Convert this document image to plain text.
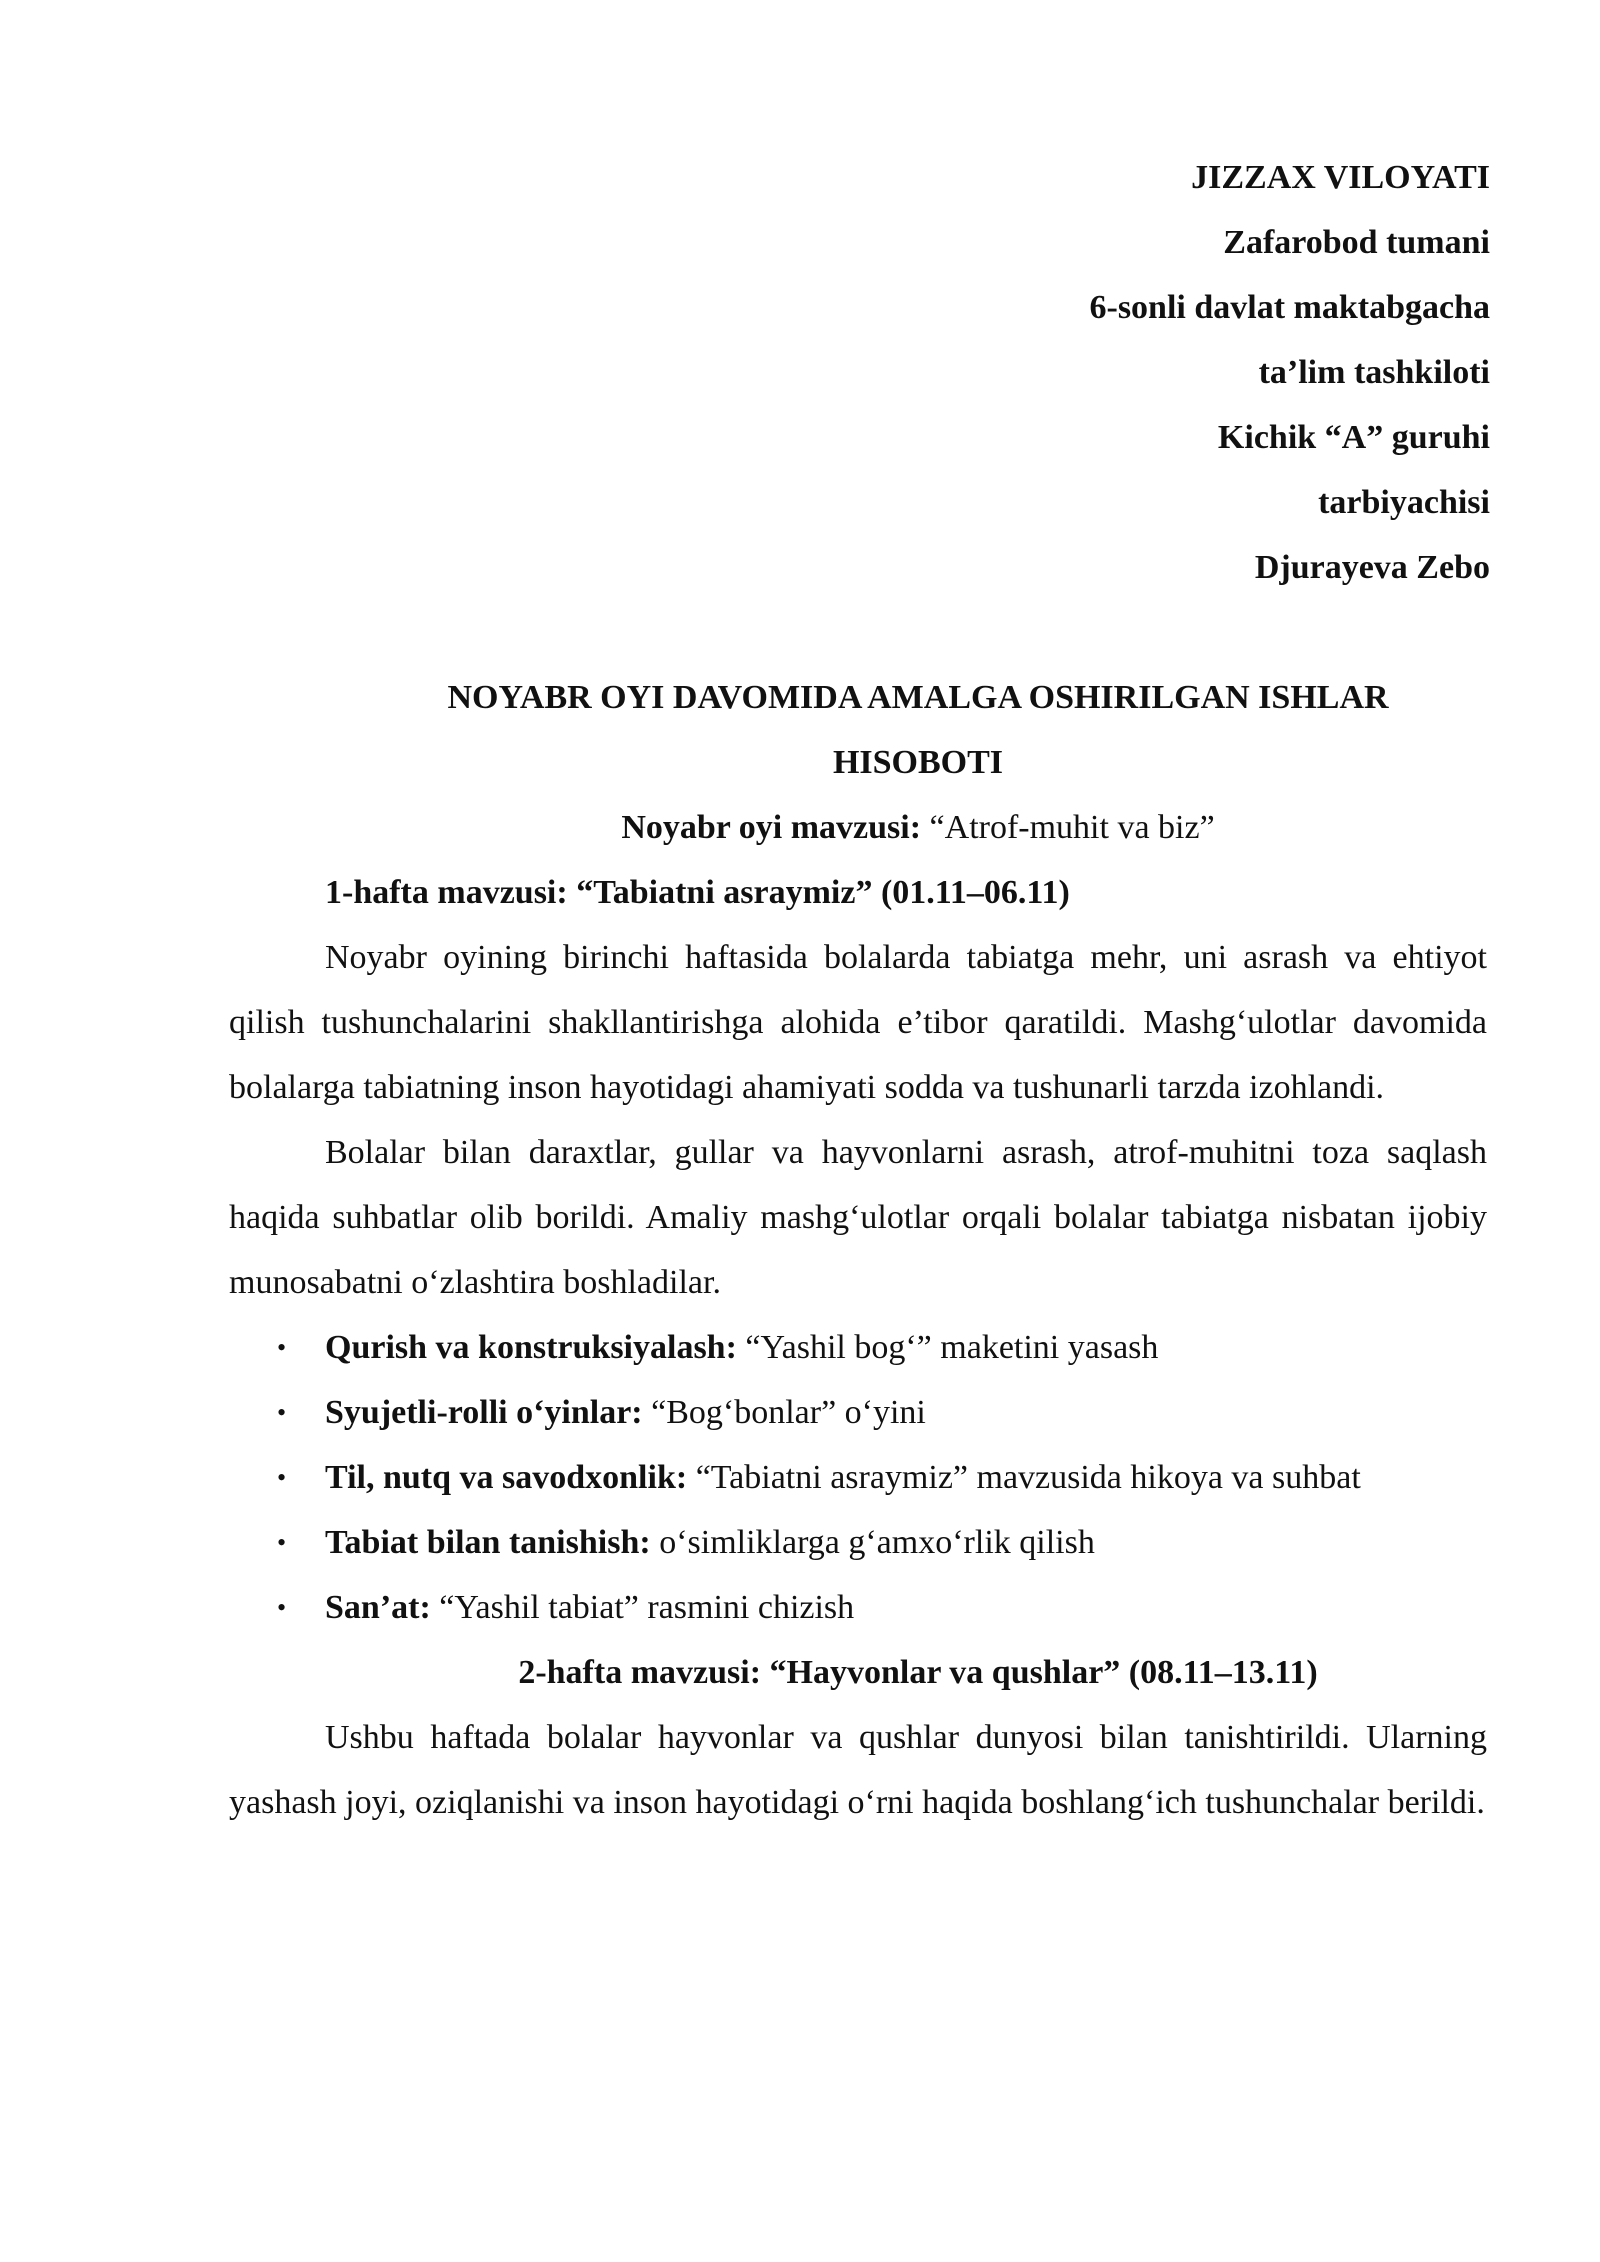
JIZZAX VILOYATI
Zafarobod tumani
6-sonli davlat maktabgacha
ta’lim tashkiloti
Kichik “A” guruhi
tarbiyachisi
Djurayeva Zebo
NOYABR OYI DAVOMIDA AMALGA OSHIRILGAN ISHLAR
HISOBOTI
Noyabr oyi mavzusi: “Atrof-muhit va biz”
1-hafta mavzusi: “Tabiatni asraymiz” (01.11–06.11)

Noyabr oyining birinchi haftasida bolalarda tabiatga mehr, uni asrash va ehtiyot qilish tushunchalarini shakllantirishga alohida e’tibor qaratildi. Mashg‘ulotlar davomida bolalarga tabiatning inson hayotidagi ahamiyati sodda va tushunarli tarzda izohlandi.

Bolalar bilan daraxtlar, gullar va hayvonlarni asrash, atrof-muhitni toza saqlash haqida suhbatlar olib borildi. Amaliy mashg‘ulotlar orqali bolalar tabiatga nisbatan ijobiy munosabatni o‘zlashtira boshladilar.

• Qurish va konstruksiyalash: “Yashil bog‘” maketini yasash
• Syujetli-rolli o‘yinlar: “Bog‘bonlar” o‘yini
• Til, nutq va savodxonlik: “Tabiatni asraymiz” mavzusida hikoya va suhbat
• Tabiat bilan tanishish: o‘simliklarga g‘amxo‘rlik qilish
• San’at: “Yashil tabiat” rasmini chizish
2-hafta mavzusi: “Hayvonlar va qushlar” (08.11–13.11)

Ushbu haftada bolalar hayvonlar va qushlar dunyosi bilan tanishtirildi. Ularning yashash joyi, oziqlanishi va inson hayotidagi o‘rni haqida boshlang‘ich tushunchalar berildi.
